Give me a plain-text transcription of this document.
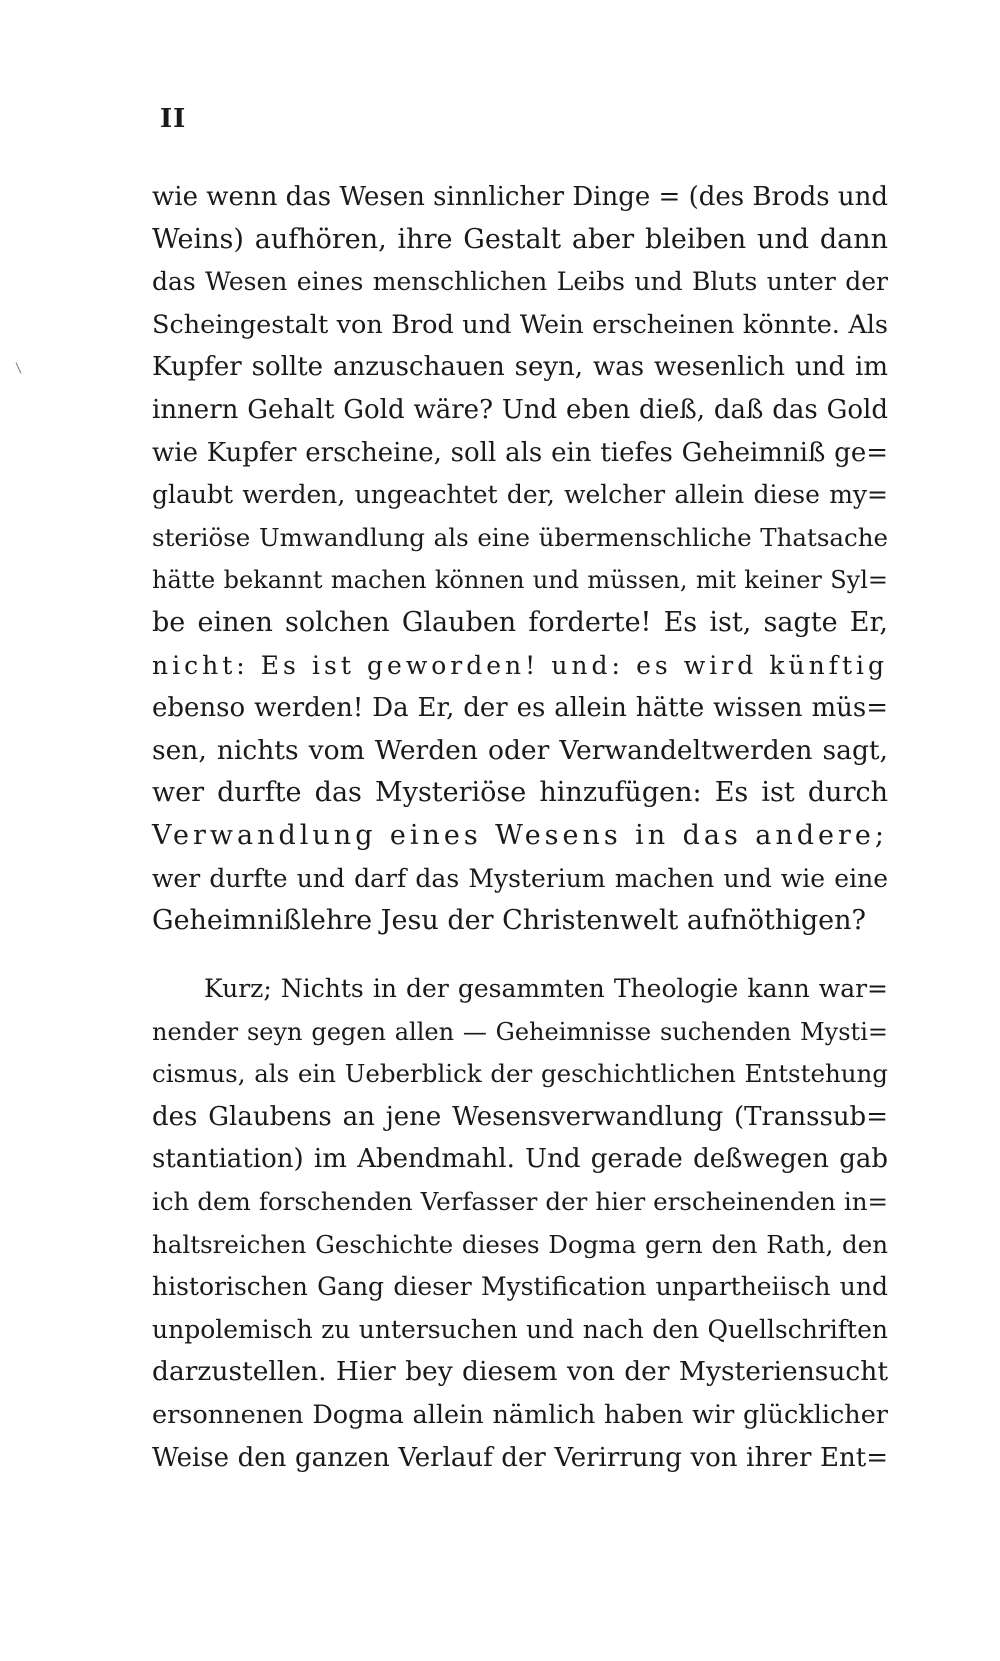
II
wie wenn das Wesen sinnlicher Dinge = (des Brods und
Weins) aufhören, ihre Gestalt aber bleiben und dann
das Wesen eines menschlichen Leibs und Bluts unter der
Scheingestalt von Brod und Wein erscheinen könnte. Als
Kupfer sollte anzuschauen seyn, was wesenlich und im
innern Gehalt Gold wäre? Und eben dieß, daß das Gold
wie Kupfer erscheine, soll als ein tiefes Geheimniß ge=
glaubt werden, ungeachtet der, welcher allein diese my=
steriöse Umwandlung als eine übermenschliche Thatsache
hätte bekannt machen können und müssen, mit keiner Syl=
be einen solchen Glauben forderte! Es ist, sagte Er,
nicht: Es ist geworden! und: es wird künftig
ebenso werden! Da Er, der es allein hätte wissen müs=
sen, nichts vom Werden oder Verwandeltwerden sagt,
wer durfte das Mysteriöse hinzufügen: Es ist durch
Verwandlung eines Wesens in das andere;
wer durfte und darf das Mysterium machen und wie eine
Geheimnißlehre Jesu der Christenwelt aufnöthigen?
Kurz; Nichts in der gesammten Theologie kann war=
nender seyn gegen allen — Geheimnisse suchenden Mysti=
cismus, als ein Ueberblick der geschichtlichen Entstehung
des Glaubens an jene Wesensverwandlung (Transsub=
stantiation) im Abendmahl. Und gerade deßwegen gab
ich dem forschenden Verfasser der hier erscheinenden in=
haltsreichen Geschichte dieses Dogma gern den Rath, den
historischen Gang dieser Mystification unpartheiisch und
unpolemisch zu untersuchen und nach den Quellschriften
darzustellen. Hier bey diesem von der Mysteriensucht
ersonnenen Dogma allein nämlich haben wir glücklicher
Weise den ganzen Verlauf der Verirrung von ihrer Ent=
